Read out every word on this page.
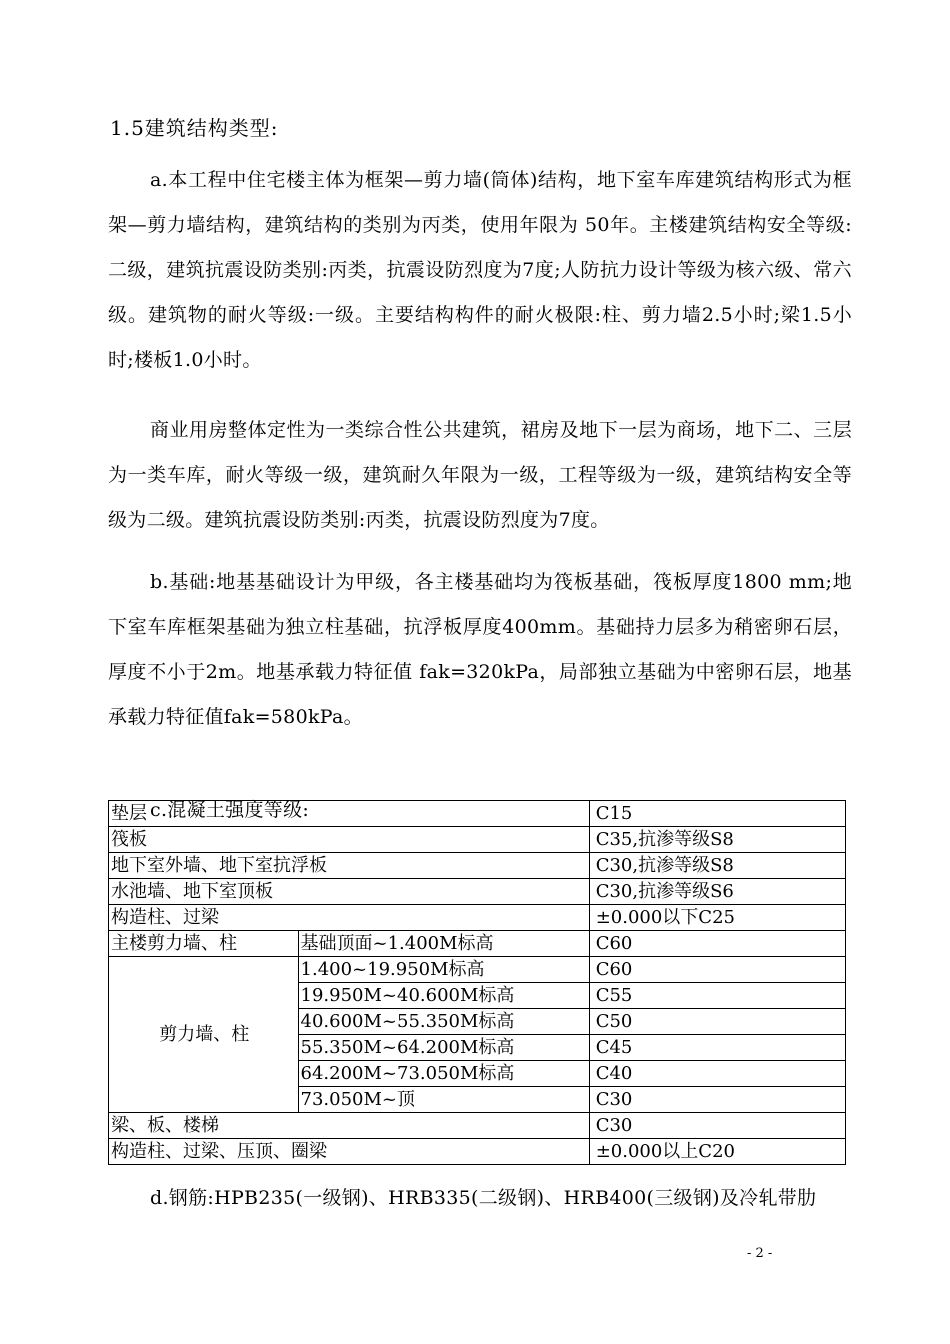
1.5建筑结构类型:

a.本工程中住宅楼主体为框架—剪力墙(筒体)结构，地下室车库建筑结构形式为框架—剪力墙结构，建筑结构的类别为丙类，使用年限为 50年。主楼建筑结构安全等级:二级，建筑抗震设防类别:丙类，抗震设防烈度为7度;人防抗力设计等级为核六级、常六级。建筑物的耐火等级:一级。主要结构构件的耐火极限:柱、剪力墙2.5小时;梁1.5小时;楼板1.0小时。

商业用房整体定性为一类综合性公共建筑，裙房及地下一层为商场，地下二、三层为一类车库，耐火等级一级，建筑耐久年限为一级，工程等级为一级，建筑结构安全等级为二级。建筑抗震设防类别:丙类，抗震设防烈度为7度。

b.基础:地基基础设计为甲级，各主楼基础均为筏板基础，筏板厚度1800 mm;地下室车库框架基础为独立柱基础，抗浮板厚度400mm。基础持力层多为稍密卵石层，厚度不小于2m。地基承载力特征值 fak=320kPa，局部独立基础为中密卵石层，地基承载力特征值fak=580kPa。

c.混凝土强度等级:

垫层		C15
筏板		C35,抗渗等级S8
地下室外墙、地下室抗浮板		C30,抗渗等级S8
水池墙、地下室顶板		C30,抗渗等级S6
构造柱、过梁		±0.000以下C25
主楼剪力墙、柱	基础顶面~1.400M标高	C60
剪力墙、柱	1.400~19.950M标高	C60
	19.950M~40.600M标高	C55
	40.600M~55.350M标高	C50
	55.350M~64.200M标高	C45
	64.200M~73.050M标高	C40
	73.050M~顶	C30
梁、板、楼梯		C30
构造柱、过梁、压顶、圈梁		±0.000以上C20

d.钢筋:HPB235(一级钢)、HRB335(二级钢)、HRB400(三级钢)及冷轧带肋

- 2 -
